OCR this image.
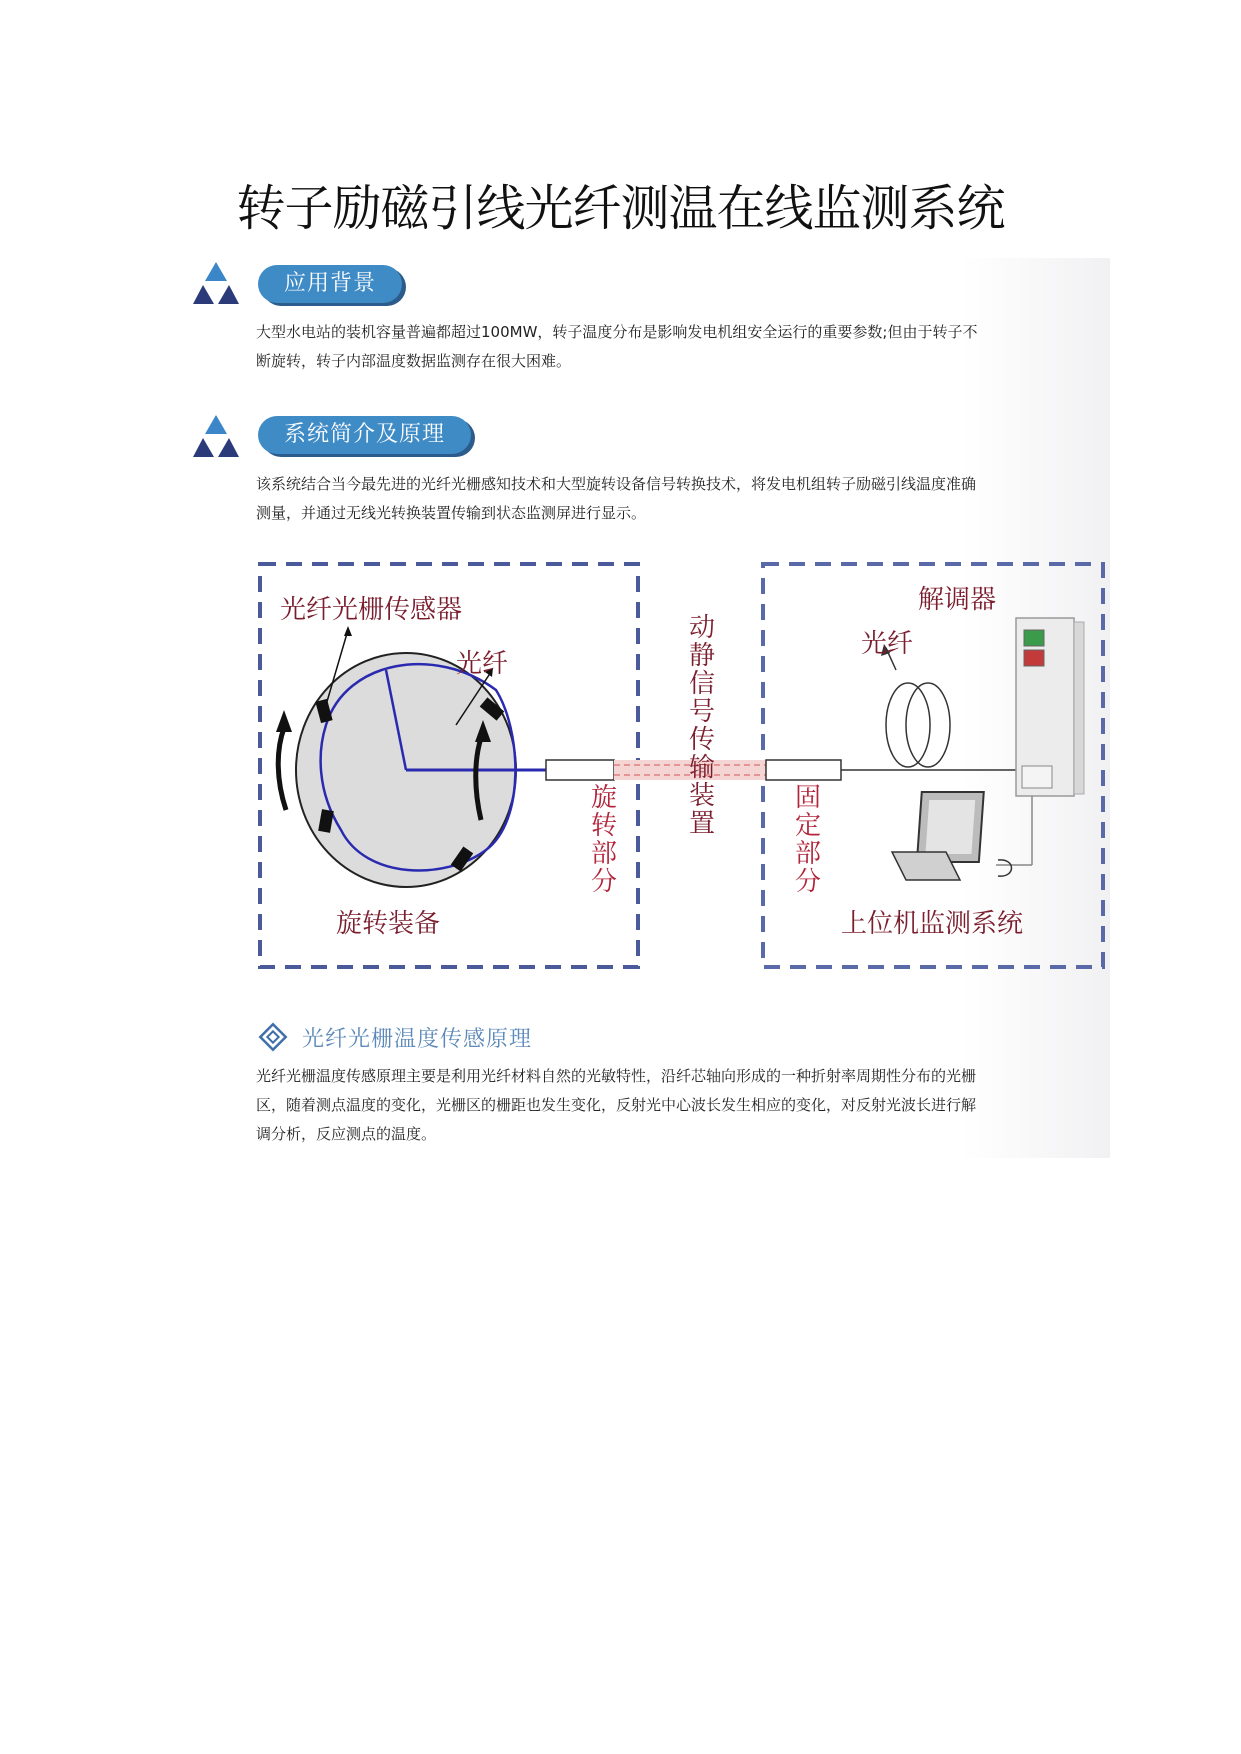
转子励磁引线光纤测温在线监测系统
应用背景
大型水电站的装机容量普遍都超过100MW，转子温度分布是影响发电机组安全运行的重要参数;但由于转子不断旋转，转子内部温度数据监测存在很大困难。
系统简介及原理
该系统结合当今最先进的光纤光栅感知技术和大型旋转设备信号转换技术，将发电机组转子励磁引线温度准确测量，并通过无线光转换装置传输到状态监测屏进行显示。
光纤光栅传感器
光纤
旋转装备
解调器
光纤
上位机监测系统
旋转部分
动静信号传输装置
固定部分
光纤光栅温度传感原理
光纤光栅温度传感原理主要是利用光纤材料自然的光敏特性，沿纤芯轴向形成的一种折射率周期性分布的光栅区，随着测点温度的变化，光栅区的栅距也发生变化，反射光中心波长发生相应的变化，对反射光波长进行解调分析，反应测点的温度。
